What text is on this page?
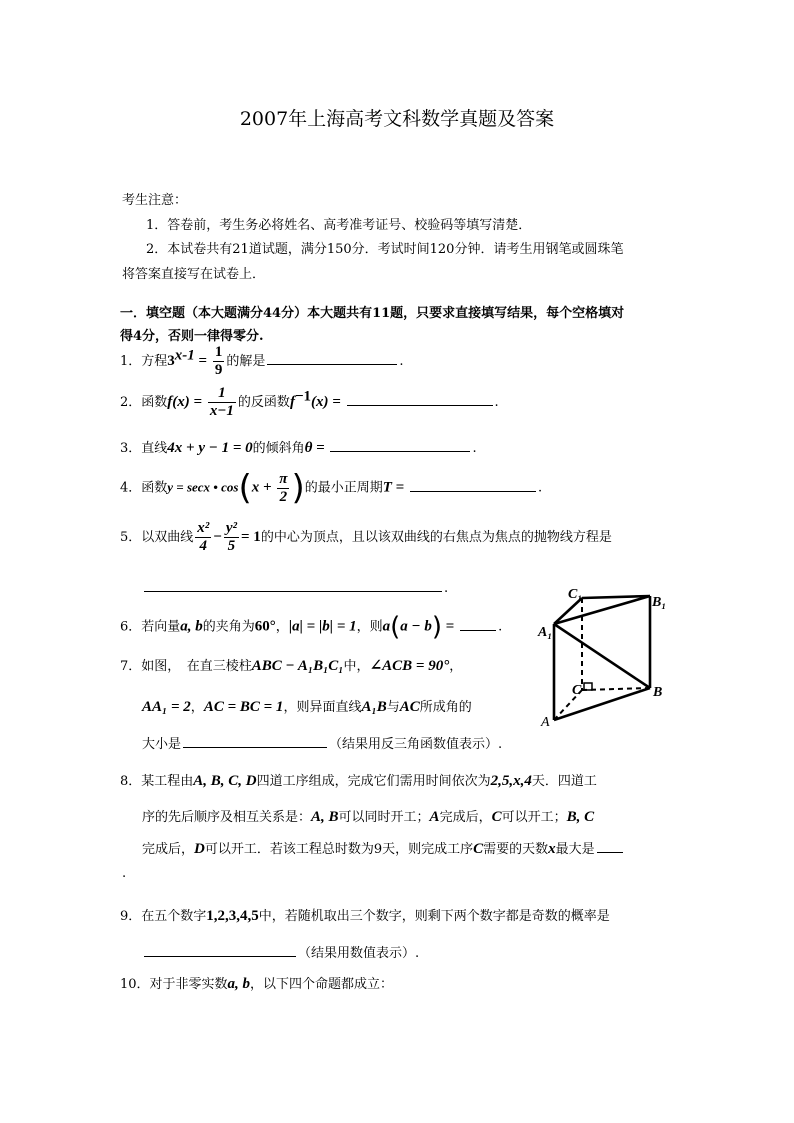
2007年上海高考文科数学真题及答案
考生注意：
1．答卷前，考生务必将姓名、高考准考证号、校验码等填写清楚．
2．本试卷共有21道试题，满分150分．考试时间120分钟．请考生用钢笔或圆珠笔
将答案直接写在试卷上．
一．填空题（本大题满分44分）本大题共有11题，只要求直接填写结果，每个空格填对
得4分，否则一律得零分.
1．方程$3^{x-1} = \frac{1}{9}$ 的解是	.
2．函数$f(x) = \frac{1}{x-1}$ 的反函数$f^{-1}(x)$ =	.
3．直线4x + y − 1 = 0的倾斜角θ =	.
4．函数y = secx • $\cos(x + \frac{\pi}{2}$ )的最小正周期T =	.
5．以双曲线 $\frac{\text{x²}}{4} - \frac{\text{y²}}{5} = 1$的中心为顶点，且以该双曲线的右焦点为焦点的抛物线方程是
.
6．若向量a, b的夹角为60°，|a| = |b| = 1，则a(a − b) =	.
7．如图，　在直三棱柱ABC − A₁B₁C₁中，∠ACB = 90°，
AA₁ = 2，AC = BC = 1，则异面直线A₁B与AC所成角的
大小是	（结果用反三角函数值表示）.
C₁
B₁
A₁
C	B
A
8．某工程由A, B, C, D四道工序组成，完成它们需用时间依次为2,5,x,4天．四道工
序的先后顺序及相互关系是：A, B可以同时开工；A完成后，C可以开工；B, C
完成后，D可以开工．若该工程总时数为9天，则完成工序C需要的天数x最大是
.
9．在五个数字1,2,3,4,5中，若随机取出三个数字，则剩下两个数字都是奇数的概率是
（结果用数值表示）.
10．对于非零实数a, b，以下四个命题都成立：
